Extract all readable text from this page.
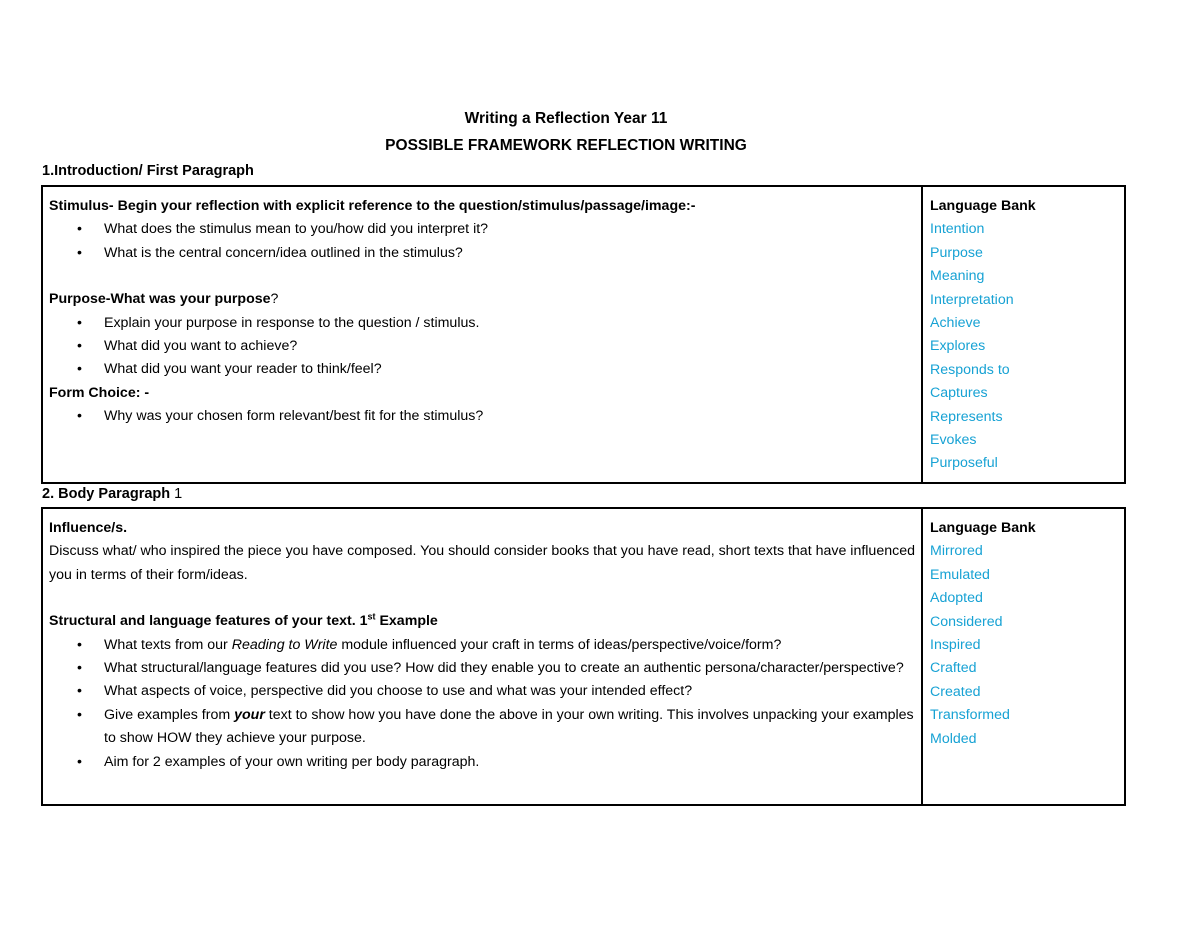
Writing a Reflection Year 11
POSSIBLE FRAMEWORK REFLECTION WRITING
1.Introduction/ First Paragraph
Stimulus- Begin your reflection with explicit reference to the question/stimulus/passage/image:-
• What does the stimulus mean to you/how did you interpret it?
• What is the central concern/idea outlined in the stimulus?
Purpose-What was your purpose?
• Explain your purpose in response to the question / stimulus.
• What did you want to achieve?
• What did you want your reader to think/feel?
Form Choice: -
• Why was your chosen form relevant/best fit for the stimulus?
Language Bank
Intention
Purpose
Meaning
Interpretation
Achieve
Explores
Responds to
Captures
Represents
Evokes
Purposeful
2. Body Paragraph 1
Influence/s.
Discuss what/ who inspired the piece you have composed. You should consider books that you have read, short texts that have influenced you in terms of their form/ideas.
Structural and language features of your text. 1st Example
• What texts from our Reading to Write module influenced your craft in terms of ideas/perspective/voice/form?
• What structural/language features did you use? How did they enable you to create an authentic persona/character/perspective?
• What aspects of voice, perspective did you choose to use and what was your intended effect?
• Give examples from your text to show how you have done the above in your own writing. This involves unpacking your examples to show HOW they achieve your purpose.
• Aim for 2 examples of your own writing per body paragraph.
Language Bank
Mirrored
Emulated
Adopted
Considered
Inspired
Crafted
Created
Transformed
Molded
